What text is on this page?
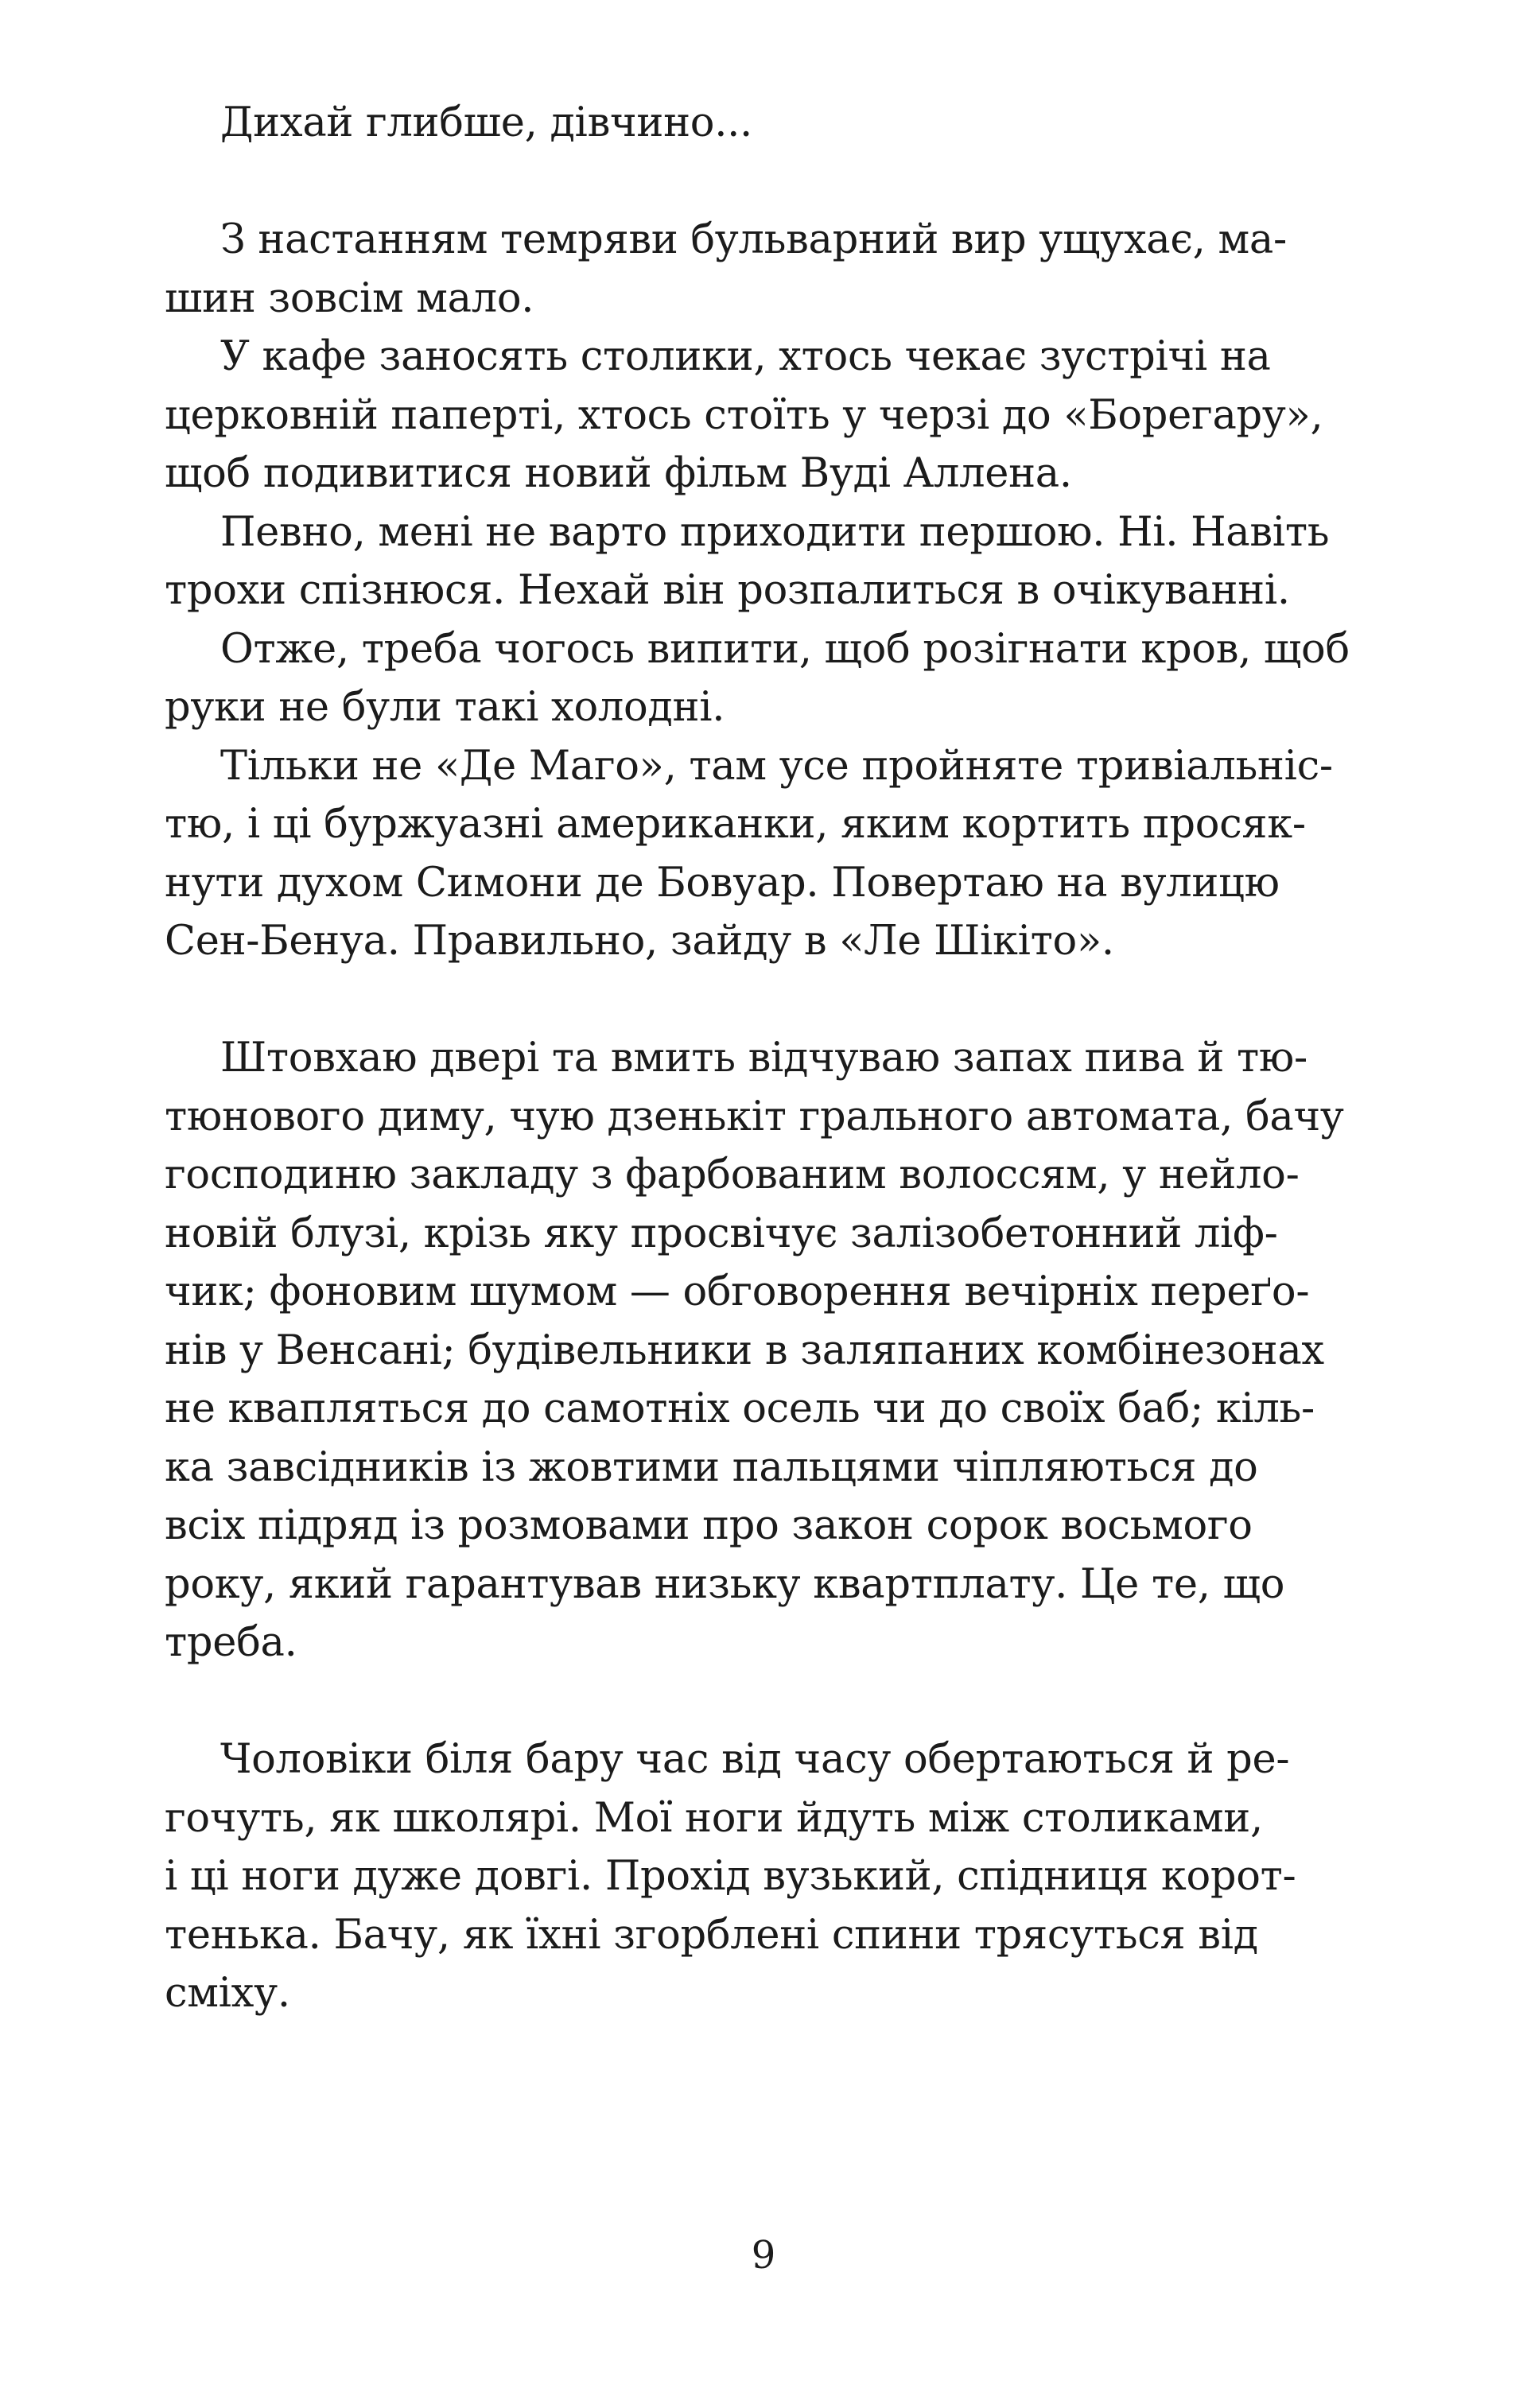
Дихай глибше, дівчино...
З настанням темряви бульварний вир ущухає, ма-
шин зовсім мало.
У кафе заносять столики, хтось чекає зустрічі на
церковній паперті, хтось стоїть у черзі до «Борегару»,
щоб подивитися новий фільм Вуді Аллена.
Певно, мені не варто приходити першою. Ні. Навіть
трохи спізнюся. Нехай він розпалиться в очікуванні.
Отже, треба чогось випити, щоб розігнати кров, щоб
руки не були такі холодні.
Тільки не «Де Маго», там усе пройняте тривіальніс-
тю, і ці буржуазні американки, яким кортить просяк-
нути духом Симони де Бовуар. Повертаю на вулицю
Сен-Бенуа. Правильно, зайду в «Ле Шікіто».
Штовхаю двері та вмить відчуваю запах пива й тю-
тюнового диму, чую дзенькіт грального автомата, бачу
господиню закладу з фарбованим волоссям, у нейло-
новій блузі, крізь яку просвічує залізобетонний ліф-
чик; фоновим шумом — обговорення вечірніх переґо-
нів у Венсані; будівельники в заляпаних комбінезонах
не квапляться до самотніх осель чи до своїх баб; кіль-
ка завсідників із жовтими пальцями чіпляються до
всіх підряд із розмовами про закон сорок восьмого
року, який гарантував низьку квартплату. Це те, що
треба.
Чоловіки біля бару час від часу обертаються й ре-
гочуть, як школярі. Мої ноги йдуть між столиками,
і ці ноги дуже довгі. Прохід вузький, спідниця корот-
тенька. Бачу, як їхні згорблені спини трясуться від
сміху.
9
